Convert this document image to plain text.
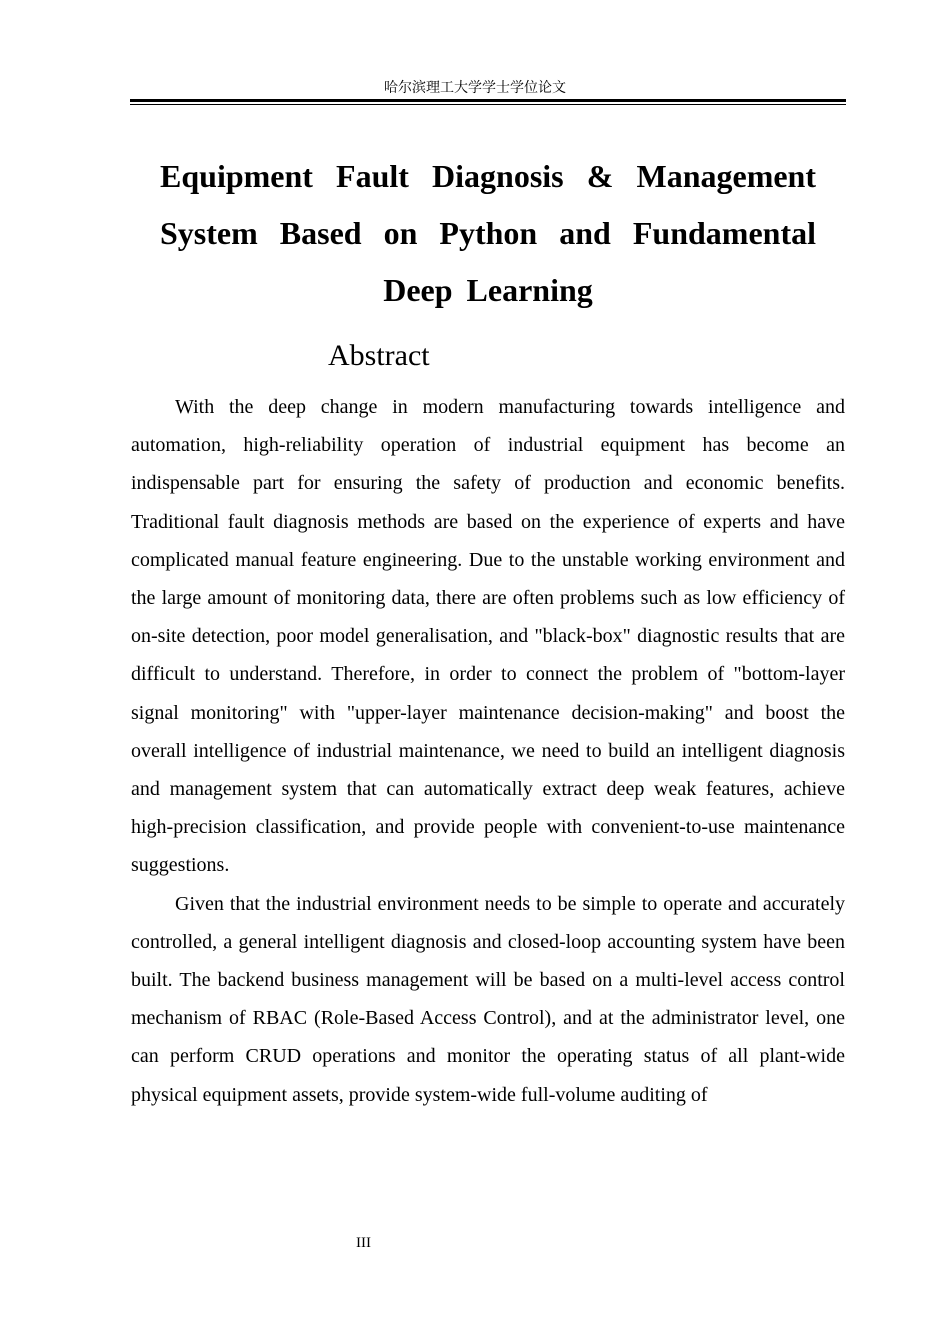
哈尔滨理工大学学士学位论文
Equipment Fault Diagnosis & Management System Based on Python and Fundamental Deep Learning
Abstract

With the deep change in modern manufacturing towards intelligence and automation, high-reliability operation of industrial equipment has become an indispensable part for ensuring the safety of production and economic benefits. Traditional fault diagnosis methods are based on the experience of experts and have complicated manual feature engineering. Due to the unstable working environment and the large amount of monitoring data, there are often problems such as low efficiency of on-site detection, poor model generalisation, and "black-box" diagnostic results that are difficult to understand. Therefore, in order to connect the problem of "bottom-layer signal monitoring" with "upper-layer maintenance decision-making" and boost the overall intelligence of industrial maintenance, we need to build an intelligent diagnosis and management system that can automatically extract deep weak features, achieve high-precision classification, and provide people with convenient-to-use maintenance suggestions.

Given that the industrial environment needs to be simple to operate and accurately controlled, a general intelligent diagnosis and closed-loop accounting system have been built. The backend business management will be based on a multi-level access control mechanism of RBAC (Role-Based Access Control), and at the administrator level, one can perform CRUD operations and monitor the operating status of all plant-wide physical equipment assets, provide system-wide full-volume auditing of

III
